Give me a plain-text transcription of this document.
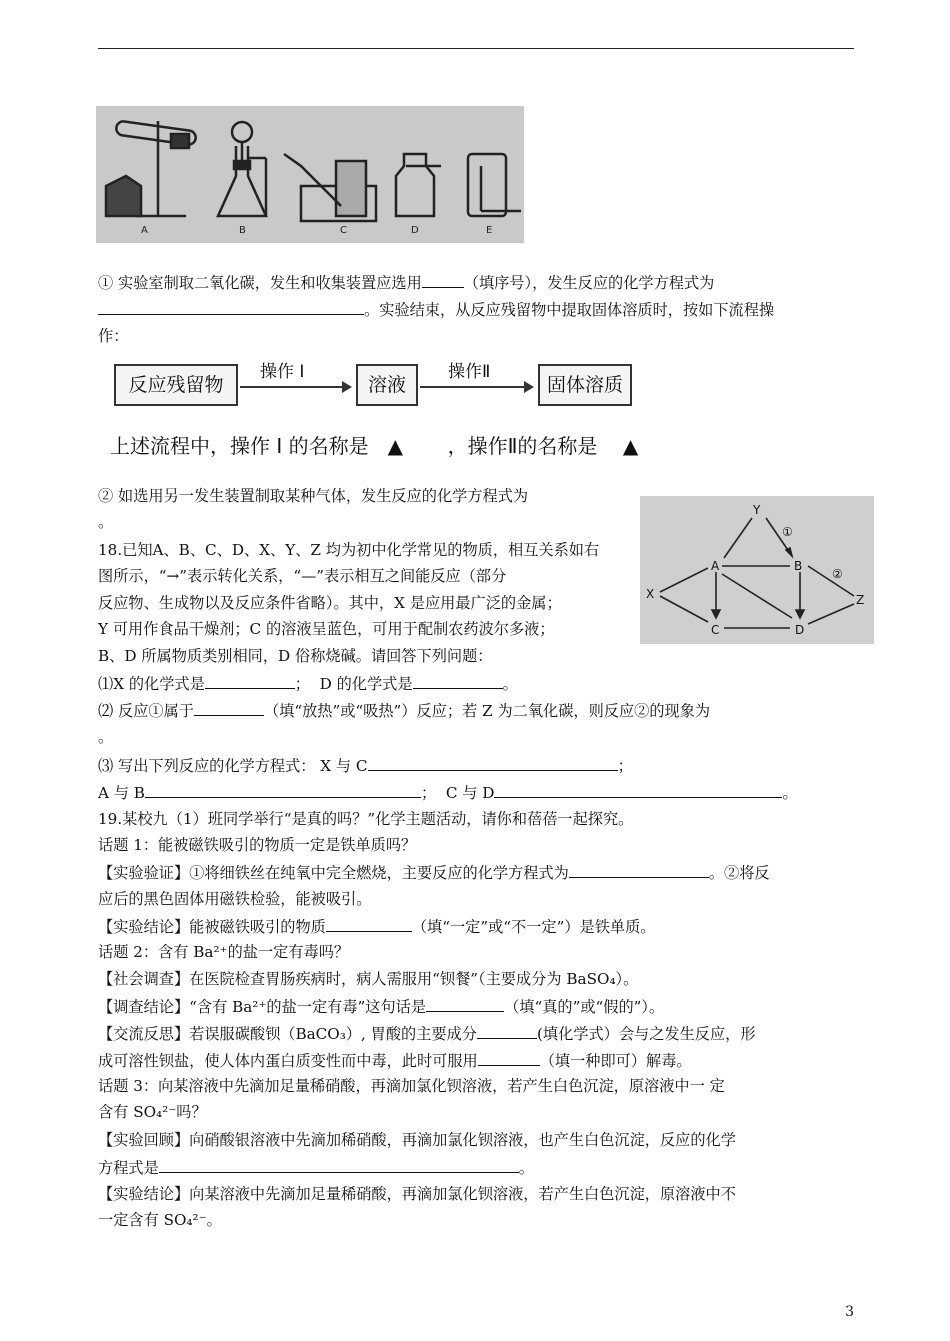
A	B	C	D	E
① 实验室制取二氧化碳，发生和收集装置应选用	（填序号），发生反应的化学方程式为
。实验结束，从反应残留物中提取固体溶质时，按如下流程操
作：
反应残留物
操作 I
溶液
操作Ⅱ
固体溶质
上述流程中，操作 I 的名称是   ▲       ，操作Ⅱ的名称是    ▲
② 如选用另一发生装置制取某种气体，发生反应的化学方程式为
。
Y
A	B
X	Z
C	D
①
②
18.已知A、B、C、D、X、Y、Z 均为初中化学常见的物质，相互关系如右
图所示，“→”表示转化关系，“—”表示相互之间能反应（部分
反应物、生成物以及反应条件省略）。其中，X 是应用最广泛的金属；
Y 可用作食品干燥剂；C 的溶液呈蓝色，可用于配制农药波尔多液；
B、D 所属物质类别相同，D 俗称烧碱。请回答下列问题：
⑴X 的化学式是	；  D 的化学式是	。
⑵ 反应①属于	（填“放热”或“吸热”）反应；若 Z 为二氧化碳，则反应②的现象为
。
⑶ 写出下列反应的化学方程式： X 与 C	；
A 与 B	；  C 与 D	。
19.某校九（1）班同学举行“是真的吗？”化学主题活动，请你和蓓蓓一起探究。
话题 1：能被磁铁吸引的物质一定是铁单质吗？
【实验验证】①将细铁丝在纯氧中完全燃烧，主要反应的化学方程式为	。②将反
应后的黑色固体用磁铁检验，能被吸引。
【实验结论】能被磁铁吸引的物质	（填“一定”或“不一定”）是铁单质。
话题 2：含有 Ba²⁺的盐一定有毒吗？
【社会调查】在医院检查胃肠疾病时，病人需服用“钡餐”（主要成分为 BaSO₄）。
【调查结论】“含有 Ba²⁺的盐一定有毒”这句话是	（填“真的”或“假的”）。
【交流反思】若误服碳酸钡（BaCO₃）, 胃酸的主要成分	(填化学式）会与之发生反应，形
成可溶性钡盐，使人体内蛋白质变性而中毒，此时可服用	（填一种即可）解毒。
话题 3：向某溶液中先滴加足量稀硝酸，再滴加氯化钡溶液，若产生白色沉淀，原溶液中一 定
含有 SO₄²⁻吗？
【实验回顾】向硝酸银溶液中先滴加稀硝酸，再滴加氯化钡溶液，也产生白色沉淀，反应的化学
方程式是	。
【实验结论】向某溶液中先滴加足量稀硝酸，再滴加氯化钡溶液，若产生白色沉淀，原溶液中不
一定含有 SO₄²⁻。
3
